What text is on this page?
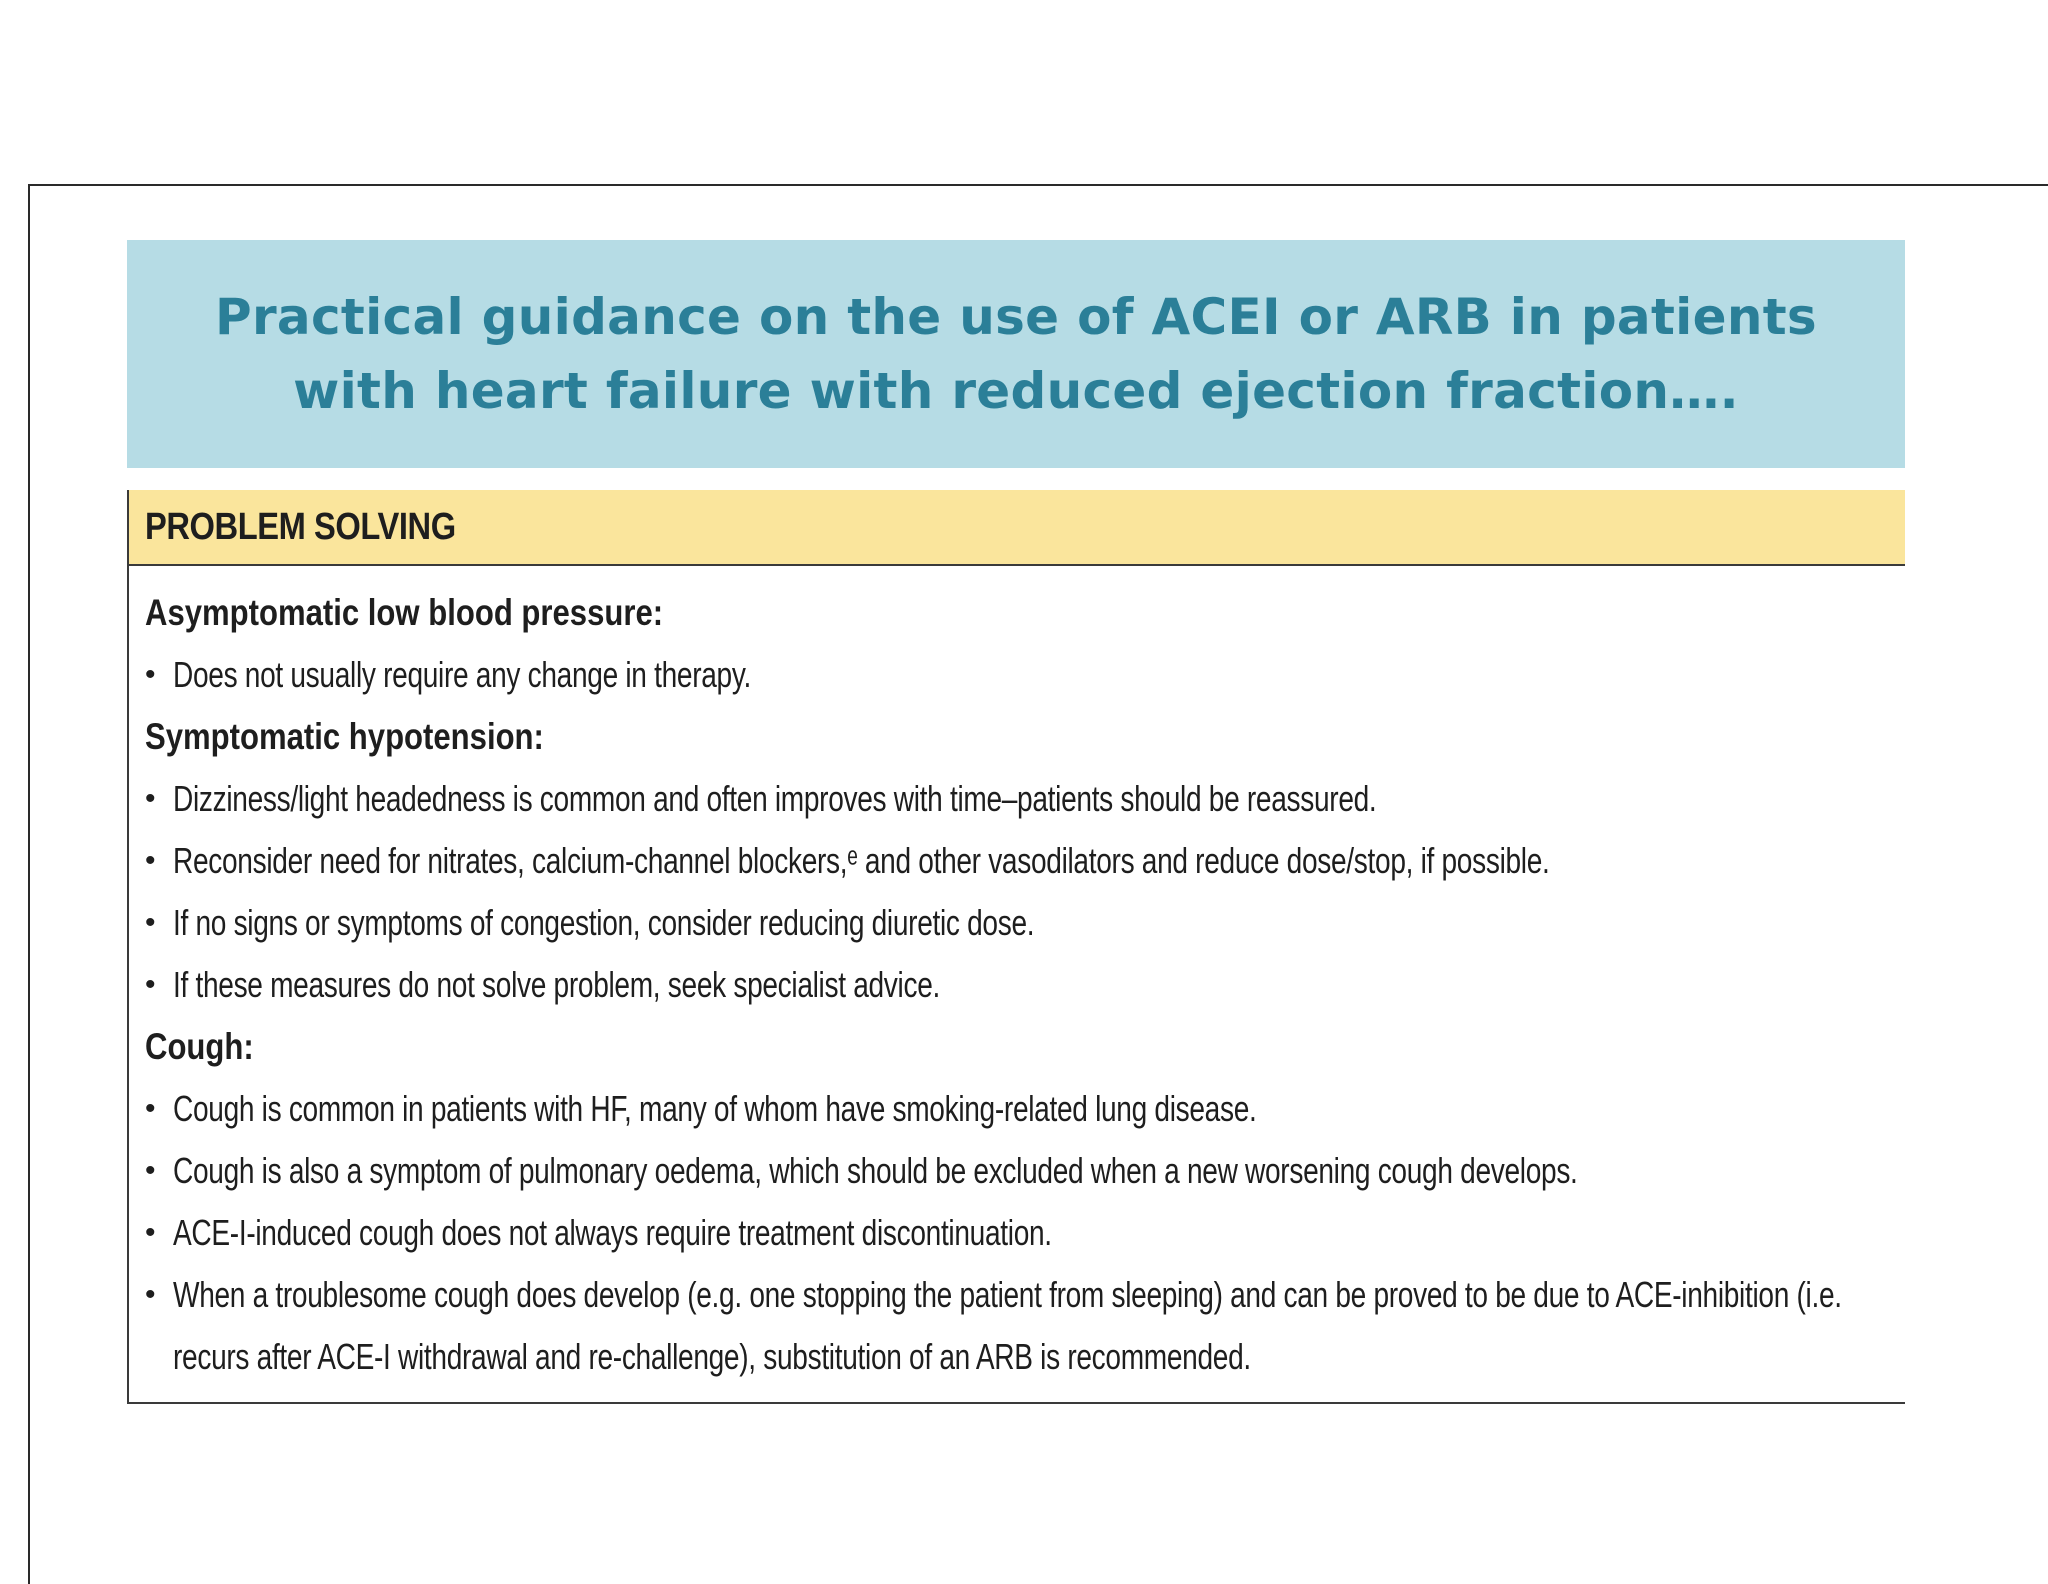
Practical guidance on the use of ACEI or ARB in patients with heart failure with reduced ejection fraction….
PROBLEM SOLVING
Asymptomatic low blood pressure:
• Does not usually require any change in therapy.
Symptomatic hypotension:
• Dizziness/light headedness is common and often improves with time–patients should be reassured.
• Reconsider need for nitrates, calcium-channel blockers,ᵉ and other vasodilators and reduce dose/stop, if possible.
• If no signs or symptoms of congestion, consider reducing diuretic dose.
• If these measures do not solve problem, seek specialist advice.
Cough:
• Cough is common in patients with HF, many of whom have smoking-related lung disease.
• Cough is also a symptom of pulmonary oedema, which should be excluded when a new worsening cough develops.
• ACE-I-induced cough does not always require treatment discontinuation.
• When a troublesome cough does develop (e.g. one stopping the patient from sleeping) and can be proved to be due to ACE-inhibition (i.e. recurs after ACE-I withdrawal and re-challenge), substitution of an ARB is recommended.
